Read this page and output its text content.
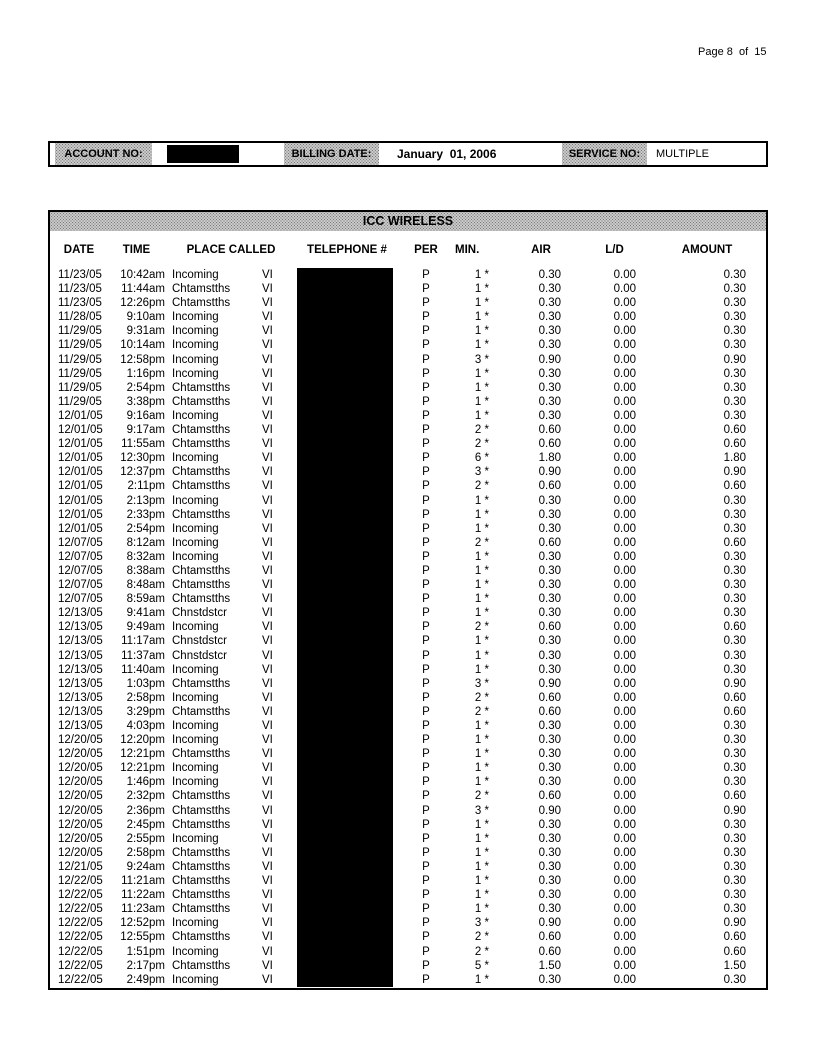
Page 8  of  15
ACCOUNT NO:	BILLING DATE:	January  01, 2006	SERVICE NO:	MULTIPLE
ICC WIRELESS
DATE	TIME	PLACE CALLED	TELEPHONE #	PER	MIN.	AIR	L/D	AMOUNT
11/23/05	10:42am Incoming	VI	P	1 *	0.30	0.00	0.30
11/23/05	11:44am Chtamstths	VI	P	1 *	0.30	0.00	0.30
11/23/05	12:26pm Chtamstths	VI	P	1 *	0.30	0.00	0.30
11/28/05	9:10am Incoming	VI	P	1 *	0.30	0.00	0.30
11/29/05	9:31am Incoming	VI	P	1 *	0.30	0.00	0.30
11/29/05	10:14am Incoming	VI	P	1 *	0.30	0.00	0.30
11/29/05	12:58pm Incoming	VI	P	3 *	0.90	0.00	0.90
11/29/05	1:16pm Incoming	VI	P	1 *	0.30	0.00	0.30
11/29/05	2:54pm Chtamstths	VI	P	1 *	0.30	0.00	0.30
11/29/05	3:38pm Chtamstths	VI	P	1 *	0.30	0.00	0.30
12/01/05	9:16am Incoming	VI	P	1 *	0.30	0.00	0.30
12/01/05	9:17am Chtamstths	VI	P	2 *	0.60	0.00	0.60
12/01/05	11:55am Chtamstths	VI	P	2 *	0.60	0.00	0.60
12/01/05	12:30pm Incoming	VI	P	6 *	1.80	0.00	1.80
12/01/05	12:37pm Chtamstths	VI	P	3 *	0.90	0.00	0.90
12/01/05	2:11pm Chtamstths	VI	P	2 *	0.60	0.00	0.60
12/01/05	2:13pm Incoming	VI	P	1 *	0.30	0.00	0.30
12/01/05	2:33pm Chtamstths	VI	P	1 *	0.30	0.00	0.30
12/01/05	2:54pm Incoming	VI	P	1 *	0.30	0.00	0.30
12/07/05	8:12am Incoming	VI	P	2 *	0.60	0.00	0.60
12/07/05	8:32am Incoming	VI	P	1 *	0.30	0.00	0.30
12/07/05	8:38am Chtamstths	VI	P	1 *	0.30	0.00	0.30
12/07/05	8:48am Chtamstths	VI	P	1 *	0.30	0.00	0.30
12/07/05	8:59am Chtamstths	VI	P	1 *	0.30	0.00	0.30
12/13/05	9:41am Chnstdstcr	VI	P	1 *	0.30	0.00	0.30
12/13/05	9:49am Incoming	VI	P	2 *	0.60	0.00	0.60
12/13/05	11:17am Chnstdstcr	VI	P	1 *	0.30	0.00	0.30
12/13/05	11:37am Chnstdstcr	VI	P	1 *	0.30	0.00	0.30
12/13/05	11:40am Incoming	VI	P	1 *	0.30	0.00	0.30
12/13/05	1:03pm Chtamstths	VI	P	3 *	0.90	0.00	0.90
12/13/05	2:58pm Incoming	VI	P	2 *	0.60	0.00	0.60
12/13/05	3:29pm Chtamstths	VI	P	2 *	0.60	0.00	0.60
12/13/05	4:03pm Incoming	VI	P	1 *	0.30	0.00	0.30
12/20/05	12:20pm Incoming	VI	P	1 *	0.30	0.00	0.30
12/20/05	12:21pm Chtamstths	VI	P	1 *	0.30	0.00	0.30
12/20/05	12:21pm Incoming	VI	P	1 *	0.30	0.00	0.30
12/20/05	1:46pm Incoming	VI	P	1 *	0.30	0.00	0.30
12/20/05	2:32pm Chtamstths	VI	P	2 *	0.60	0.00	0.60
12/20/05	2:36pm Chtamstths	VI	P	3 *	0.90	0.00	0.90
12/20/05	2:45pm Chtamstths	VI	P	1 *	0.30	0.00	0.30
12/20/05	2:55pm Incoming	VI	P	1 *	0.30	0.00	0.30
12/20/05	2:58pm Chtamstths	VI	P	1 *	0.30	0.00	0.30
12/21/05	9:24am Chtamstths	VI	P	1 *	0.30	0.00	0.30
12/22/05	11:21am Chtamstths	VI	P	1 *	0.30	0.00	0.30
12/22/05	11:22am Chtamstths	VI	P	1 *	0.30	0.00	0.30
12/22/05	11:23am Chtamstths	VI	P	1 *	0.30	0.00	0.30
12/22/05	12:52pm Incoming	VI	P	3 *	0.90	0.00	0.90
12/22/05	12:55pm Chtamstths	VI	P	2 *	0.60	0.00	0.60
12/22/05	1:51pm Incoming	VI	P	2 *	0.60	0.00	0.60
12/22/05	2:17pm Chtamstths	VI	P	5 *	1.50	0.00	1.50
12/22/05	2:49pm Incoming	VI	P	1 *	0.30	0.00	0.30
